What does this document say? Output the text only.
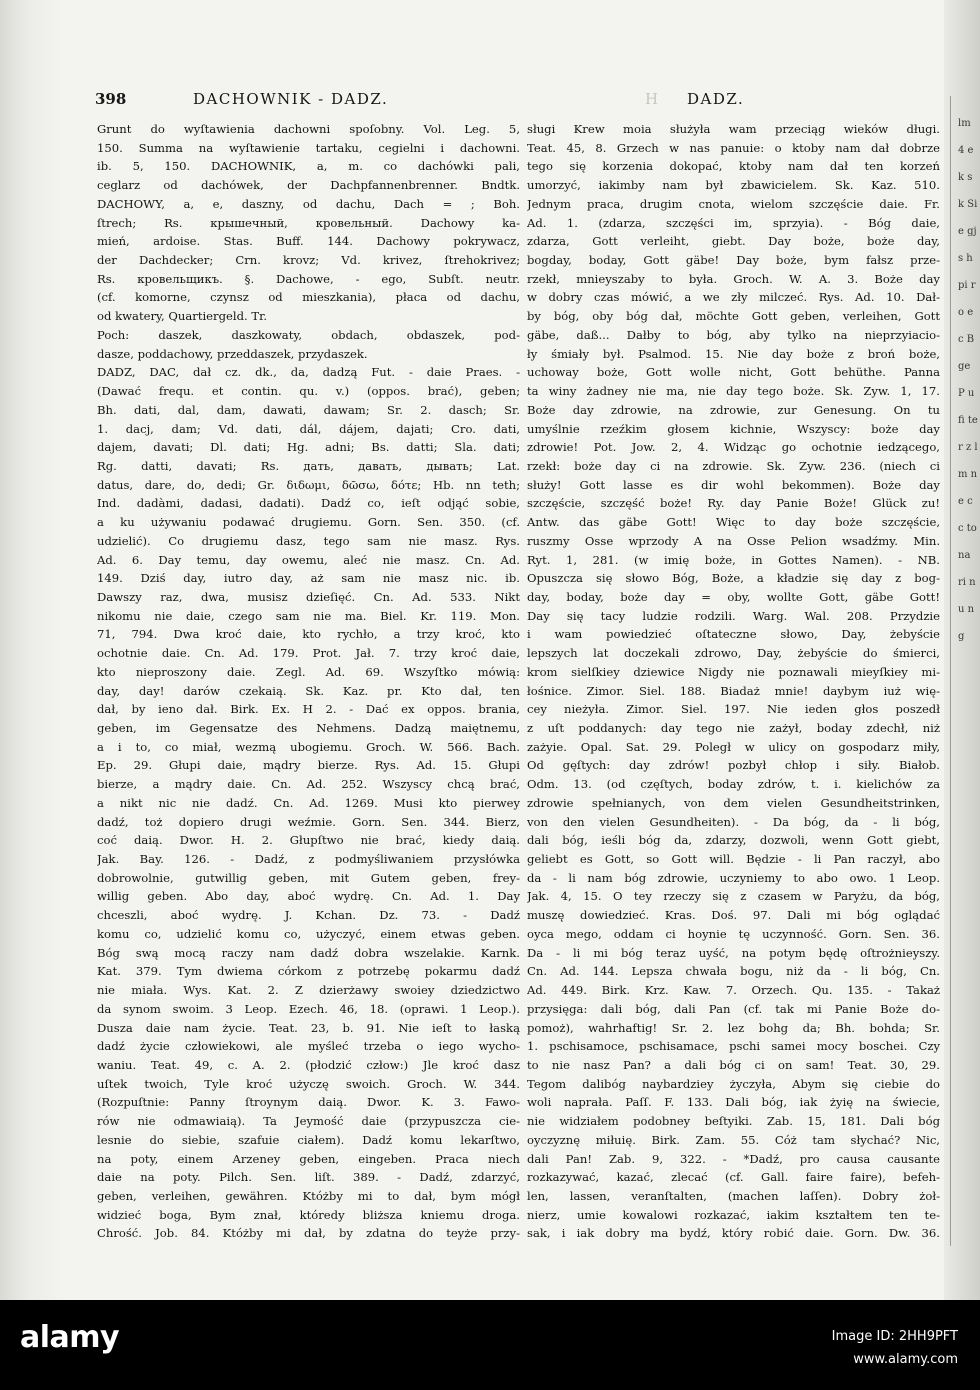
lm 4 ek sk Sie gj s h pi ro ec B ge P u fi ter z l m ne cc to na ri nu ng
398	DACHOWNIK - DADZ.	H DADZ.
Grunt do wyſtawienia dachowni spoſobny. Vol. Leg. 5,
150. Summa na wyſtawienie tartaku, cegielni i dachowni.
ib. 5, 150. DACHOWNIK, a, m. co dachówki pali,
ceglarz od dachówek, der Dachpfannenbrenner. Bndtk.
DACHOWY, a, e, daszny, od dachu, Dach = ; Boh.
ſtrech; Rs. крышечный, кровельный. Dachowy ka-
mień, ardoise. Stas. Buff. 144. Dachowy pokrywacz,
der Dachdecker; Crn. krovz; Vd. krivez, ſtrehokrivez;
Rs. кровельщикъ. §. Dachowe, - ego, Subſt. neutr.
(cf. komorne, czynsz od mieszkania), płaca od dachu,
od kwatery, Quartiergeld. Tr.
Poch: daszek, daszkowaty, obdach, obdaszek, pod-
dasze, poddachowy, przeddaszek, przydaszek.
DADZ, DAC, dał cz. dk., da, dadzą Fut. - daie Praes. -
(Dawać frequ. et contin. qu. v.) (oppos. brać), geben;
Bh. dati, dal, dam, dawati, dawam; Sr. 2. dasch; Sr.
1. dacj, dam; Vd. dati, dál, dájem, dajati; Cro. dati,
dajem, davati; Dl. dati; Hg. adni; Bs. datti; Sla. dati;
Rg. datti, davati; Rs. дать, давать, дывать; Lat.
datus, dare, do, dedi; Gr. διδωμι, δῶσω, δότε; Hb. nn teth;
Ind. dadàmi, dadasi, dadati). Dadź co, ieſt odjąć sobie,
a ku używaniu podawać drugiemu. Gorn. Sen. 350. (cf.
udzielić). Co drugiemu dasz, tego sam nie masz. Rys.
Ad. 6. Day temu, day owemu, aleć nie masz. Cn. Ad.
149. Dziś day, iutro day, aż sam nie masz nic. ib.
Dawszy raz, dwa, musisz dzieſięć. Cn. Ad. 533. Nikt
nikomu nie daie, czego sam nie ma. Biel. Kr. 119. Mon.
71, 794. Dwa kroć daie, kto rychło, a trzy kroć, kto
ochotnie daie. Cn. Ad. 179. Prot. Jał. 7. trzy kroć daie,
kto nieproszony daie. Zegl. Ad. 69. Wszyſtko mówią:
day, day! darów czekaią. Sk. Kaz. pr. Kto dał, ten
dał, by ieno dał. Birk. Ex. H 2. - Dać ex oppos. brania,
geben, im Gegensatze des Nehmens. Dadzą maiętnemu,
a i to, co miał, wezmą ubogiemu. Groch. W. 566. Bach.
Ep. 29. Głupi daie, mądry bierze. Rys. Ad. 15. Głupi
bierze, a mądry daie. Cn. Ad. 252. Wszyscy chcą brać,
a nikt nic nie dadź. Cn. Ad. 1269. Musi kto pierwey
dadź, toż dopiero drugi weźmie. Gorn. Sen. 344. Bierz,
coć daią. Dwor. H. 2. Głupſtwo nie brać, kiedy daią.
Jak. Bay. 126. - Dadź, z podmyśliwaniem przysłówka
dobrowolnie, gutwillig geben, mit Gutem geben, frey-
willig geben. Abo day, aboć wydrę. Cn. Ad. 1. Day
chceszli, aboć wydrę. J. Kchan. Dz. 73. - Dadź
komu co, udzielić komu co, użyczyć, einem etwas geben.
Bóg swą mocą raczy nam dadź dobra wszelakie. Karnk.
Kat. 379. Tym dwiema córkom z potrzebę pokarmu dadź
nie miała. Wys. Kat. 2. Z dzierżawy swoiey dziedzictwo
da synom swoim. 3 Leop. Ezech. 46, 18. (oprawi. 1 Leop.).
Dusza daie nam życie. Teat. 23, b. 91. Nie ieſt to łaską
dadź życie człowiekowi, ale myśleć trzeba o iego wycho-
waniu. Teat. 49, c. A. 2. (płodzić człow:) Jle kroć dasz
uſtek twoich, Tyle kroć użyczę swoich. Groch. W. 344.
(Rozpuſtnie: Panny ſtroynym daią. Dwor. K. 3. Fawo-
rów nie odmawiaią). Ta Jeymość daie (przypuszcza cie-
lesnie do siebie, szafuie ciałem). Dadź komu lekarſtwo,
na poty, einem Arzeney geben, eingeben. Praca niech
daie na poty. Pilch. Sen. liſt. 389. - Dadź, zdarzyć,
geben, verleihen, gewähren. Któżby mi to dał, bym mógł
widzieć boga, Bym znał, któredy bliższa kniemu droga.
Chrość. Job. 84. Któżby mi dał, by zdatna do teyże przy-
sługi Krew moia służyła wam przeciąg wieków długi.
Teat. 45, 8. Grzech w nas panuie: o ktoby nam dał dobrze
tego się korzenia dokopać, ktoby nam dał ten korzeń
umorzyć, iakimby nam był zbawicielem. Sk. Kaz. 510.
Jednym praca, drugim cnota, wielom szczęście daie. Fr.
Ad. 1. (zdarza, szczęści im, sprzyia). - Bóg daie,
zdarza, Gott verleiht, giebt. Day boże, boże day,
bogday, boday, Gott gäbe! Day boże, bym fałsz prze-
rzekł, mnieyszaby to była. Groch. W. A. 3. Boże day
w dobry czas mówić, a we zły milczeć. Rys. Ad. 10. Dał-
by bóg, oby bóg dał, möchte Gott geben, verleihen, Gott
gäbe, daß... Dałby to bóg, aby tylko na nieprzyiacio-
ły śmiały był. Psalmod. 15. Nie day boże z broń boże,
uchoway boże, Gott wolle nicht, Gott behüthe. Panna
ta winy żadney nie ma, nie day tego boże. Sk. Zyw. 1, 17.
Boże day zdrowie, na zdrowie, zur Genesung. On tu
umyślnie rzeźkim głosem kichnie, Wszyscy: boże day
zdrowie! Pot. Jow. 2, 4. Widząc go ochotnie iedzącego,
rzekł: boże day ci na zdrowie. Sk. Zyw. 236. (niech ci
służy! Gott lasse es dir wohl bekommen). Boże day
szczęście, szczęść boże! Ry. day Panie Boże! Glück zu!
Antw. das gäbe Gott! Więc to day boże szczęście,
ruszmy Osse wprzody A na Osse Pelion wsadźmy. Min.
Ryt. 1, 281. (w imię boże, in Gottes Namen). - NB.
Opuszcza się słowo Bóg, Boże, a kładzie się day z bog-
day, boday, boże day = oby, wollte Gott, gäbe Gott!
Day się tacy ludzie rodzili. Warg. Wal. 208. Przydzie
i wam powiedzieć oſtateczne słowo, Day, żebyście
lepszych lat doczekali zdrowo, Day, żebyście do śmierci,
krom sielſkiey dziewice Nigdy nie poznawali mieyſkiey mi-
łośnice. Zimor. Siel. 188. Biadaż mnie! daybym iuż wię-
cey nieżyła. Zimor. Siel. 197. Nie ieden głos poszedł
z uſt poddanych: day tego nie zażył, boday zdechł, niż
zażyie. Opal. Sat. 29. Poległ w ulicy on gospodarz miły,
Od gęſtych: day zdrów! pozbył chłop i siły. Białob.
Odm. 13. (od częſtych, boday zdrów, t. i. kielichów za
zdrowie spełnianych, von dem vielen Gesundheitstrinken,
von den vielen Gesundheiten). - Da bóg, da - li bóg,
dali bóg, ieśli bóg da, zdarzy, dozwoli, wenn Gott giebt,
geliebt es Gott, so Gott will. Będzie - li Pan raczył, abo
da - li nam bóg zdrowie, uczyniemy to abo owo. 1 Leop.
Jak. 4, 15. O tey rzeczy się z czasem w Paryżu, da bóg,
muszę dowiedzieć. Kras. Doś. 97. Dali mi bóg oglądać
oyca mego, oddam ci hoynie tę uczynność. Gorn. Sen. 36.
Da - li mi bóg teraz uyść, na potym będę oſtrożnieyszy.
Cn. Ad. 144. Lepsza chwała bogu, niż da - li bóg, Cn.
Ad. 449. Birk. Krz. Kaw. 7. Orzech. Qu. 135. - Takaż
przysięga: dali bóg, dali Pan (cf. tak mi Panie Boże do-
pomoż), wahrhaftig! Sr. 2. lez bohg da; Bh. bohda; Sr.
1. pschisamoce, pschisamace, pschi samei mocy boschei. Czy
to nie nasz Pan? a dali bóg ci on sam! Teat. 30, 29.
Tegom dalibóg naybardziey życzyła, Abym się ciebie do
woli naprała. Paſſ. F. 133. Dali bóg, iak żyię na świecie,
nie widziałem podobney beſtyiki. Zab. 15, 181. Dali bóg
oyczyznę miłuię. Birk. Zam. 55. Cóż tam słychać? Nic,
dali Pan! Zab. 9, 322. - *Dadź, pro causa causante
rozkazywać, kazać, zlecać (cf. Gall. faire faire), befeh-
len, lassen, veranſtalten, (machen laſſen). Dobry żoł-
nierz, umie kowalowi rozkazać, iakim kształtem ten te-
sak, i iak dobry ma bydź, który robić daie. Gorn. Dw. 36.
alamy	Image ID: 2HH9PFT
www.alamy.com
